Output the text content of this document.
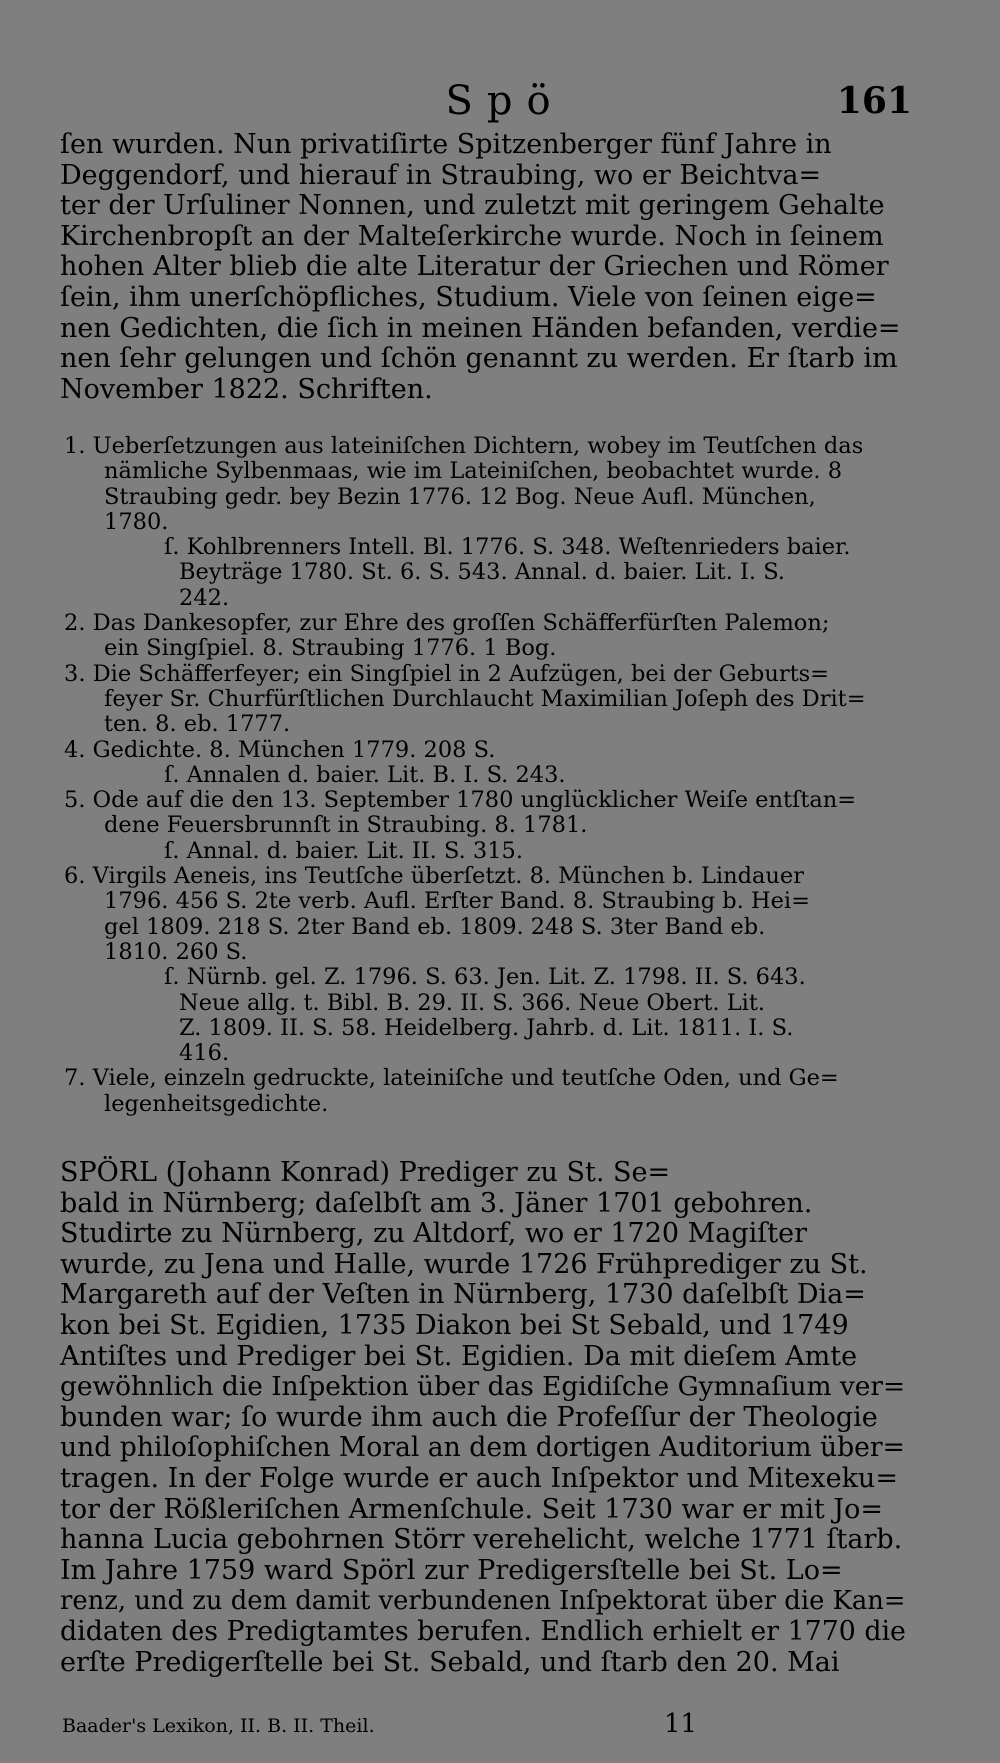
Spö	161
ſen wurden. Nun privatiſirte Spitzenberger fünf Jahre in
Deggendorf, und hierauf in Straubing, wo er Beichtva=
ter der Urſuliner Nonnen, und zuletzt mit geringem Gehalte
Kirchenbropſt an der Malteſerkirche wurde. Noch in ſeinem
hohen Alter blieb die alte Literatur der Griechen und Römer
ſein, ihm unerſchöpfliches, Studium. Viele von ſeinen eige=
nen Gedichten, die ſich in meinen Händen befanden, verdie=
nen ſehr gelungen und ſchön genannt zu werden. Er ſtarb im
November 1822. Schriften.
1. Ueberſetzungen aus lateiniſchen Dichtern, wobey im Teutſchen das
nämliche Sylbenmaas, wie im Lateiniſchen, beobachtet wurde. 8
Straubing gedr. bey Bezin 1776. 12 Bog. Neue Aufl. München,
1780.
ſ. Kohlbrenners Intell. Bl. 1776. S. 348. Weſtenrieders baier.
Beyträge 1780. St. 6. S. 543. Annal. d. baier. Lit. I. S.
242.
2. Das Dankesopfer, zur Ehre des groſſen Schäfferfürſten Palemon;
ein Singſpiel. 8. Straubing 1776. 1 Bog.
3. Die Schäfferfeyer; ein Singſpiel in 2 Aufzügen, bei der Geburts=
feyer Sr. Churfürſtlichen Durchlaucht Maximilian Joſeph des Drit=
ten. 8. eb. 1777.
4. Gedichte. 8. München 1779. 208 S.
ſ. Annalen d. baier. Lit. B. I. S. 243.
5. Ode auf die den 13. September 1780 unglücklicher Weiſe entſtan=
dene Feuersbrunnſt in Straubing. 8. 1781.
ſ. Annal. d. baier. Lit. II. S. 315.
6. Virgils Aeneis, ins Teutſche überſetzt. 8. München b. Lindauer
1796. 456 S. 2te verb. Aufl. Erſter Band. 8. Straubing b. Hei=
gel 1809. 218 S. 2ter Band eb. 1809. 248 S. 3ter Band eb.
1810. 260 S.
ſ. Nürnb. gel. Z. 1796. S. 63. Jen. Lit. Z. 1798. II. S. 643.
Neue allg. t. Bibl. B. 29. II. S. 366. Neue Obert. Lit.
Z. 1809. II. S. 58. Heidelberg. Jahrb. d. Lit. 1811. I. S.
416.
7. Viele, einzeln gedruckte, lateiniſche und teutſche Oden, und Ge=
legenheitsgedichte.
SPÖRL (Johann Konrad) Prediger zu St. Se=
bald in Nürnberg; daſelbſt am 3. Jäner 1701 gebohren.
Studirte zu Nürnberg, zu Altdorf, wo er 1720 Magiſter
wurde, zu Jena und Halle, wurde 1726 Frühprediger zu St.
Margareth auf der Veſten in Nürnberg, 1730 daſelbſt Dia=
kon bei St. Egidien, 1735 Diakon bei St Sebald, und 1749
Antiſtes und Prediger bei St. Egidien. Da mit dieſem Amte
gewöhnlich die Inſpektion über das Egidiſche Gymnaſium ver=
bunden war; ſo wurde ihm auch die Profeſſur der Theologie
und philoſophiſchen Moral an dem dortigen Auditorium über=
tragen. In der Folge wurde er auch Inſpektor und Mitexeku=
tor der Rößleriſchen Armenſchule. Seit 1730 war er mit Jo=
hanna Lucia gebohrnen Störr verehelicht, welche 1771 ſtarb.
Im Jahre 1759 ward Spörl zur Predigersſtelle bei St. Lo=
renz, und zu dem damit verbundenen Inſpektorat über die Kan=
didaten des Predigtamtes berufen. Endlich erhielt er 1770 die
erſte Predigerſtelle bei St. Sebald, und ſtarb den 20. Mai
Baader's Lexikon, II. B. II. Theil.	11
